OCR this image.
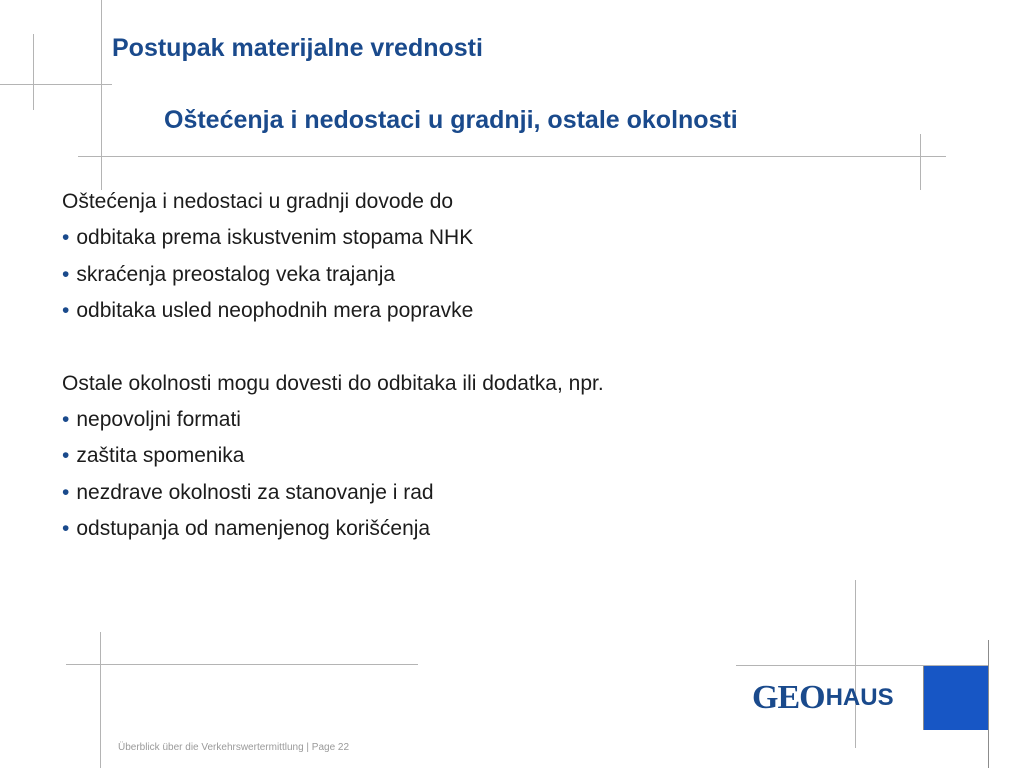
Postupak materijalne vrednosti
Oštećenja i nedostaci u gradnji, ostale okolnosti
Oštećenja i nedostaci u gradnji dovode do
• odbitaka prema iskustvenim stopama NHK
• skraćenja preostalog veka trajanja
• odbitaka usled neophodnih mera popravke
Ostale okolnosti mogu dovesti do odbitaka ili dodatka, npr.
• nepovoljni formati
• zaštita spomenika
• nezdrave okolnosti za stanovanje i rad
• odstupanja od namenjenog korišćenja
GEO HAUS
Überblick über die Verkehrswertermittlung | Page 22
